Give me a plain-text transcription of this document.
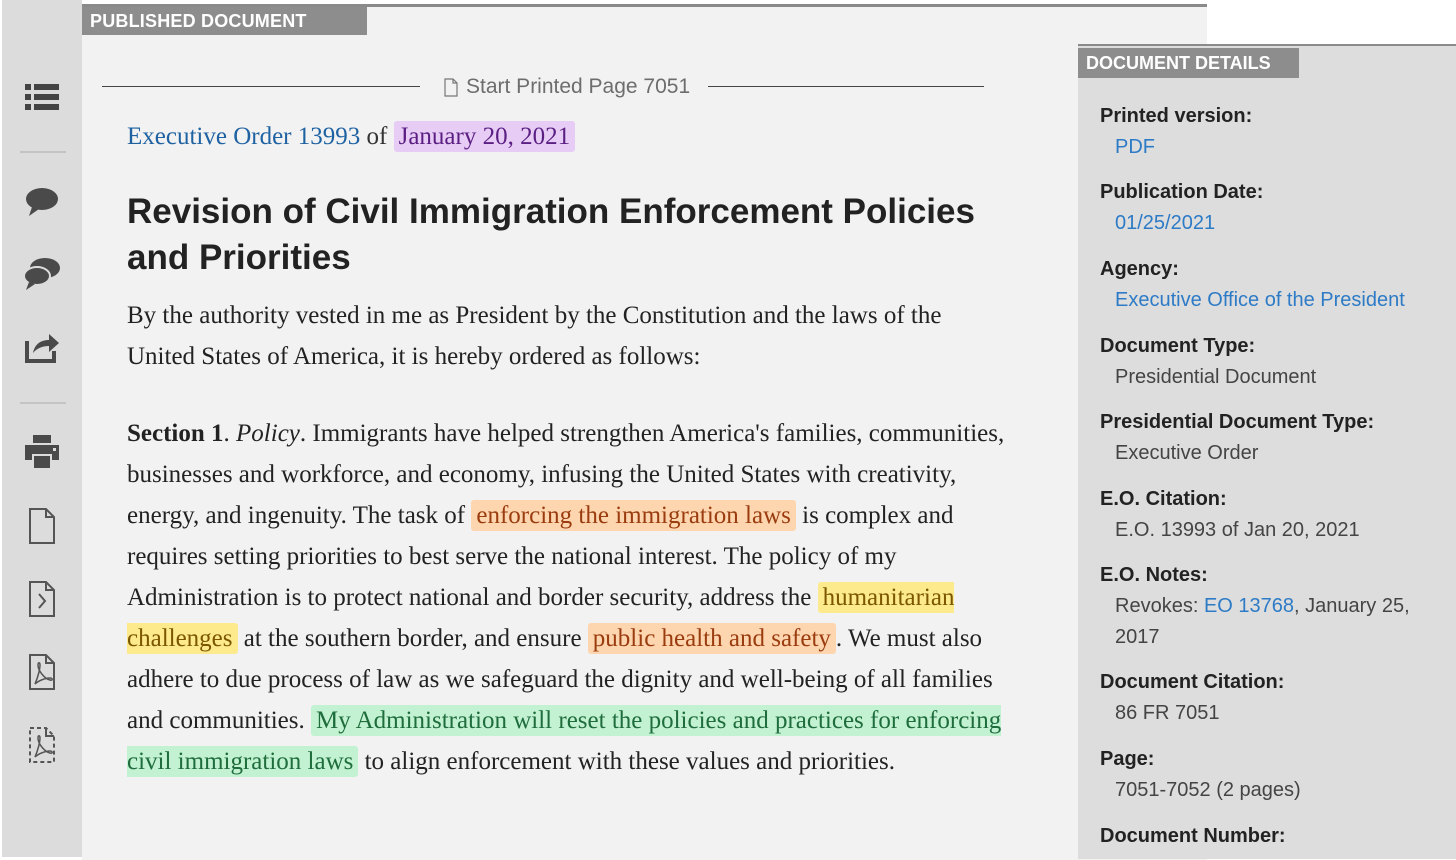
PUBLISHED DOCUMENT
Start Printed Page 7051
Executive Order 13993 of January 20, 2021
Revision of Civil Immigration Enforcement Policies and Priorities

By the authority vested in me as President by the Constitution and the laws of the United States of America, it is hereby ordered as follows:

Section 1. Policy. Immigrants have helped strengthen America's families, communities, businesses and workforce, and economy, infusing the United States with creativity, energy, and ingenuity. The task of enforcing the immigration laws is complex and requires setting priorities to best serve the national interest. The policy of my Administration is to protect national and border security, address the humanitarian challenges at the southern border, and ensure public health and safety . We must also adhere to due process of law as we safeguard the dignity and well-being of all families and communities. My Administration will reset the policies and practices for enforcing civil immigration laws to align enforcement with these values and priorities.

DOCUMENT DETAILS
Printed version:
PDF
Publication Date:
01/25/2021
Agency:
Executive Office of the President
Document Type:
Presidential Document
Presidential Document Type:
Executive Order
E.O. Citation:
E.O. 13993 of Jan 20, 2021
E.O. Notes:
Revokes: EO 13768, January 25, 2017
Document Citation:
86 FR 7051
Page:
7051-7052 (2 pages)
Document Number:
